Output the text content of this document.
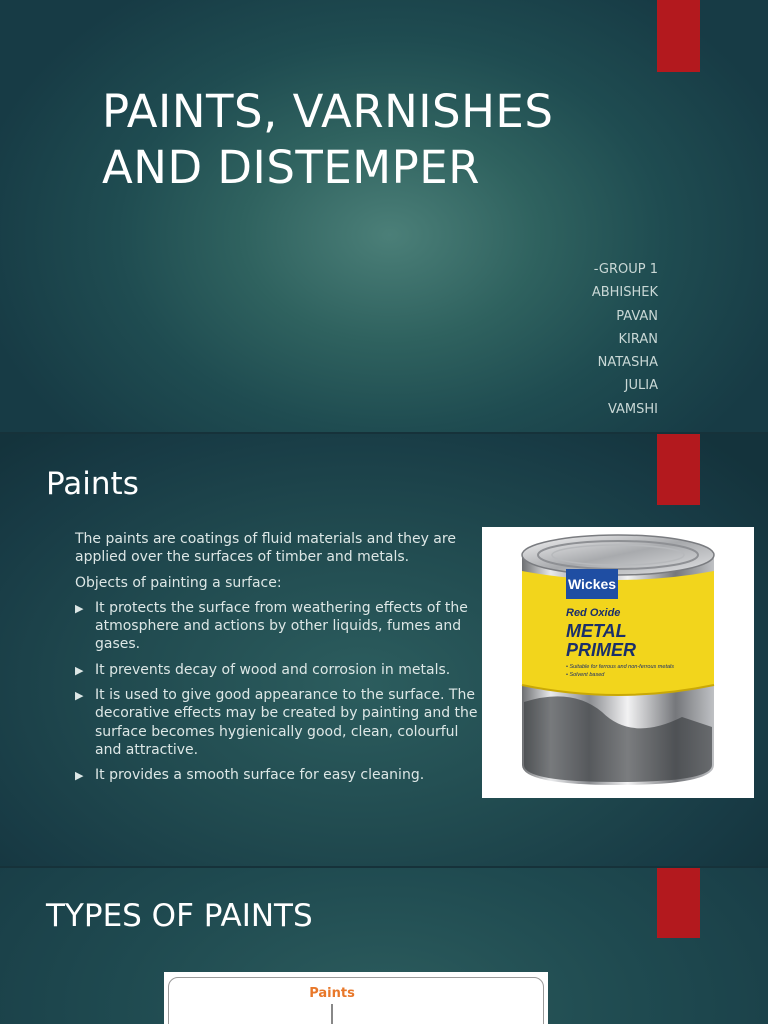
PAINTS, VARNISHES AND DISTEMPER
-GROUP 1
ABHISHEK
PAVAN
KIRAN
NATASHA
JULIA
VAMSHI
Paints

The paints are coatings of fluid materials and they are applied over the surfaces of timber and metals.

Objects of painting a surface:

▶ It protects the surface from weathering effects of the atmosphere and actions by other liquids, fumes and gases.
▶ It prevents decay of wood and corrosion in metals.
▶ It is used to give good appearance to the surface. The decorative effects may be created by painting and the surface becomes hygienically good, clean, colourful and attractive.
▶ It provides a smooth surface for easy cleaning.
Wickes
Red Oxide
METAL
PRIMER
• Suitable for ferrous and non-ferrous metals
• Solvent based
TYPES OF PAINTS
Paints
